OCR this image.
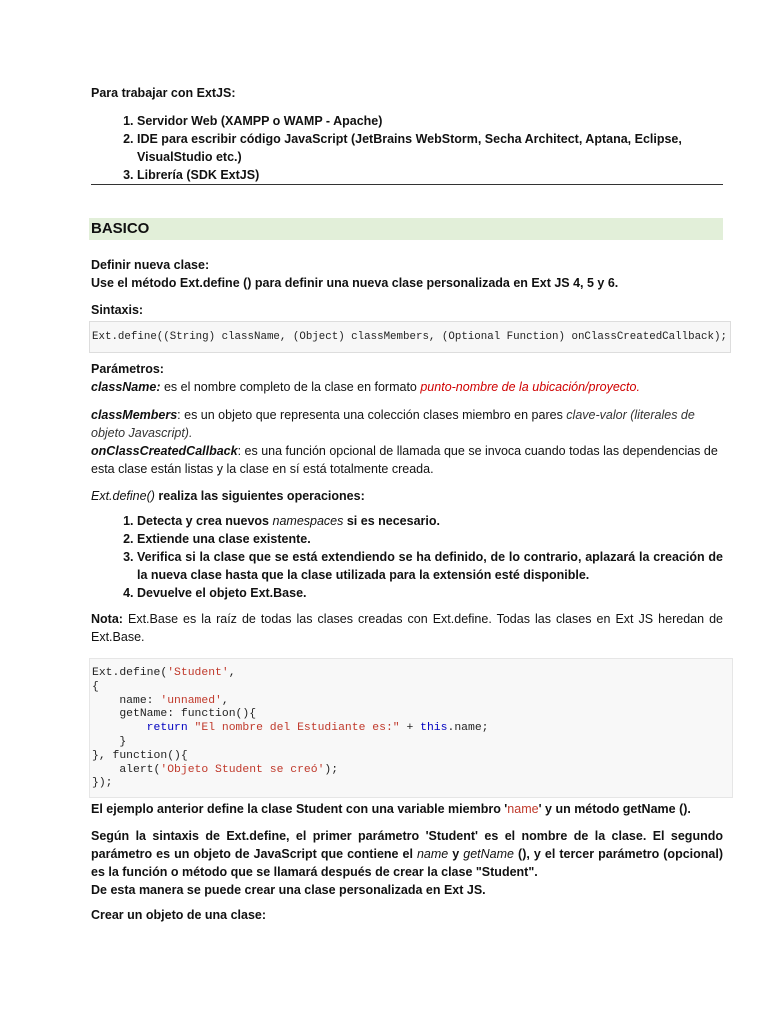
Para trabajar con ExtJS:
1. Servidor Web (XAMPP o WAMP - Apache)
2. IDE para escribir código JavaScript (JetBrains WebStorm, Secha Architect, Aptana, Eclipse, VisualStudio etc.)
3. Librería (SDK ExtJS)
BASICO
Definir nueva clase:
Use el método Ext.define () para definir una nueva clase personalizada en Ext JS 4, 5 y 6.
Sintaxis:
Ext.define((String) className, (Object) classMembers, (Optional Function) onClassCreatedCallback);
Parámetros:

className: es el nombre completo de la clase en formato punto-nombre de la ubicación/proyecto.

classMembers: es un objeto que representa una colección clases miembro en pares clave-valor (literales de objeto Javascript).

onClassCreatedCallback: es una función opcional de llamada que se invoca cuando todas las dependencias de esta clase están listas y la clase en sí está totalmente creada.

Ext.define() realiza las siguientes operaciones:

1. Detecta y crea nuevos namespaces si es necesario.
2. Extiende una clase existente.
3. Verifica si la clase que se está extendiendo se ha definido, de lo contrario, aplazará la creación de la nueva clase hasta que la clase utilizada para la extensión esté disponible.
4. Devuelve el objeto Ext.Base.

Nota: Ext.Base es la raíz de todas las clases creadas con Ext.define. Todas las clases en Ext JS heredan de Ext.Base.

Ext.define('Student',
{
name: 'unnamed',
getName: function(){
return "El nombre del Estudiante es:" + this.name;
}
}, function(){
alert('Objeto Student se creó');
});

El ejemplo anterior define la clase Student con una variable miembro 'name' y un método getName ().

Según la sintaxis de Ext.define, el primer parámetro 'Student' es el nombre de la clase. El segundo parámetro es un objeto de JavaScript que contiene el name y getName (), y el tercer parámetro (opcional) es la función o método que se llamará después de crear la clase "Student".
De esta manera se puede crear una clase personalizada en Ext JS.

Crear un objeto de una clase:
